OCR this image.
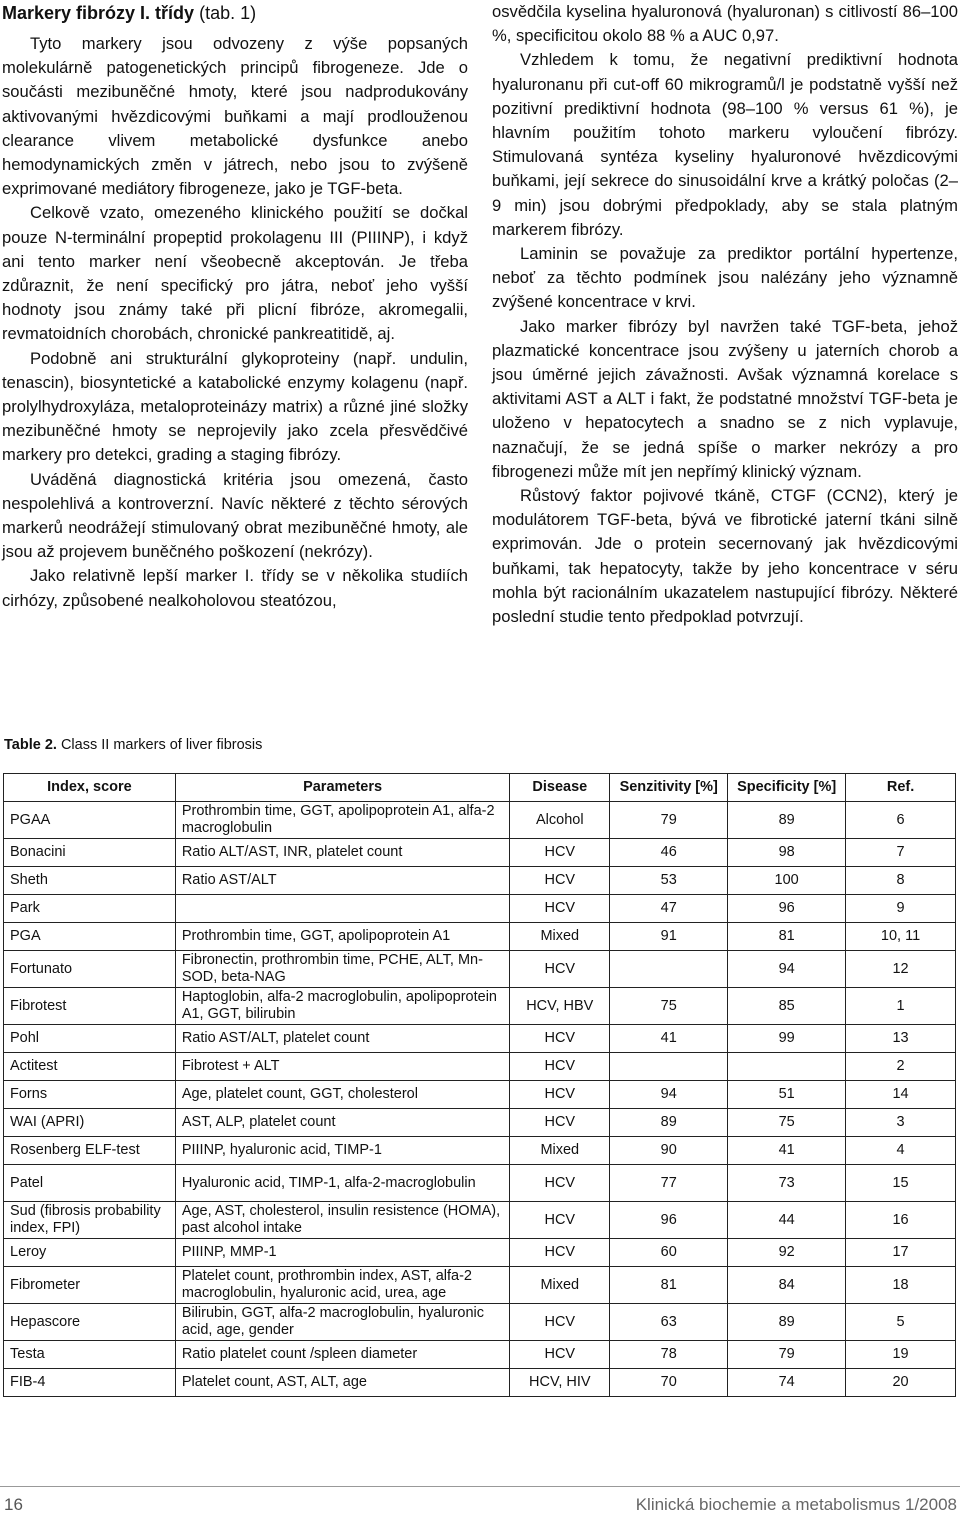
Markery fibrózy I. třídy (tab. 1)

Tyto markery jsou odvozeny z výše popsaných molekulárně patogenetických principů fibrogeneze. Jde o součásti mezibuněčné hmoty, které jsou nadprodukovány aktivovanými hvězdicovými buňkami a mají prodlouženou clearance vlivem metabolické dysfunkce anebo hemodynamických změn v játrech, nebo jsou to zvýšeně exprimované mediátory fibrogeneze, jako je TGF-beta.

Celkově vzato, omezeného klinického použití se dočkal pouze N-terminální propeptid prokolagenu III (PIIINP), i když ani tento marker není všeobecně akceptován. Je třeba zdůraznit, že není specifický pro játra, neboť jeho vyšší hodnoty jsou známy také při plicní fibróze, akromegalii, revmatoidních chorobách, chronické pankreatitidě, aj.

Podobně ani strukturální glykoproteiny (např. undulin, tenascin), biosyntetické a katabolické enzymy kolagenu (např. prolylhydroxyláza, metaloproteinázy matrix) a různé jiné složky mezibuněčné hmoty se neprojevily jako zcela přesvědčivé markery pro detekci, grading a staging fibrózy.

Uváděná diagnostická kritéria jsou omezená, často nespolehlivá a kontroverzní. Navíc některé z těchto sérových markerů neodrážejí stimulovaný obrat mezibuněčné hmoty, ale jsou až projevem buněčného poškození (nekrózy).

Jako relativně lepší marker I. třídy se v několika studiích cirhózy, způsobené nealkoholovou steatózou,

osvědčila kyselina hyaluronová (hyaluronan) s citlivostí 86–100 %, specificitou okolo 88 % a AUC 0,97.

Vzhledem k tomu, že negativní prediktivní hodnota hyaluronanu při cut-off 60 mikrogramů/l je podstatně vyšší než pozitivní prediktivní hodnota (98–100 % versus 61 %), je hlavním použitím tohoto markeru vyloučení fibrózy. Stimulovaná syntéza kyseliny hyaluronové hvězdicovými buňkami, její sekrece do sinusoidální krve a krátký poločas (2–9 min) jsou dobrými předpoklady, aby se stala platným markerem fibrózy.

Laminin se považuje za prediktor portální hypertenze, neboť za těchto podmínek jsou nalézány jeho významně zvýšené koncentrace v krvi.

Jako marker fibrózy byl navržen také TGF-beta, jehož plazmatické koncentrace jsou zvýšeny u jaterních chorob a jsou úměrné jejich závažnosti. Avšak významná korelace s aktivitami AST a ALT i fakt, že podstatné množství TGF-beta je uloženo v hepatocytech a snadno se z nich vyplavuje, naznačují, že se jedná spíše o marker nekrózy a pro fibrogenezi může mít jen nepřímý klinický význam.

Růstový faktor pojivové tkáně, CTGF (CCN2), který je modulátorem TGF-beta, bývá ve fibrotické jaterní tkáni silně exprimován. Jde o protein secernovaný jak hvězdicovými buňkami, tak hepatocyty, takže by jeho koncentrace v séru mohla být racionálním ukazatelem nastupující fibrózy. Některé poslední studie tento předpoklad potvrzují.

Table 2. Class II markers of liver fibrosis
Index, score	Parameters	Disease	Senzitivity [%]	Specificity [%]	Ref.
PGAA	Prothrombin time, GGT, apolipoprotein A1, alfa-2 macroglobulin	Alcohol	79	89	6
Bonacini	Ratio ALT/AST, INR, platelet count	HCV	46	98	7
Sheth	Ratio AST/ALT	HCV	53	100	8
Park		HCV	47	96	9
PGA	Prothrombin time, GGT, apolipoprotein A1	Mixed	91	81	10, 11
Fortunato	Fibronectin, prothrombin time, PCHE, ALT, Mn-SOD, beta-NAG	HCV		94	12
Fibrotest	Haptoglobin, alfa-2 macroglobulin, apolipoprotein A1, GGT, bilirubin	HCV, HBV	75	85	1
Pohl	Ratio AST/ALT, platelet count	HCV	41	99	13
Actitest	Fibrotest + ALT	HCV			2
Forns	Age, platelet count, GGT, cholesterol	HCV	94	51	14
WAI (APRI)	AST, ALP, platelet count	HCV	89	75	3
Rosenberg ELF-test	PIIINP, hyaluronic acid, TIMP-1	Mixed	90	41	4
Patel	Hyaluronic acid, TIMP-1, alfa-2-macroglobulin	HCV	77	73	15
Sud (fibrosis probability index, FPI)	Age, AST, cholesterol, insulin resistence (HOMA), past alcohol intake	HCV	96	44	16
Leroy	PIIINP, MMP-1	HCV	60	92	17
Fibrometer	Platelet count, prothrombin index, AST, alfa-2 macroglobulin, hyaluronic acid, urea, age	Mixed	81	84	18
Hepascore	Bilirubin, GGT, alfa-2 macroglobulin, hyaluronic acid, age, gender	HCV	63	89	5
Testa	Ratio platelet count /spleen diameter	HCV	78	79	19
FIB-4	Platelet count, AST, ALT, age	HCV, HIV	70	74	20
16	Klinická biochemie a metabolismus 1/2008
